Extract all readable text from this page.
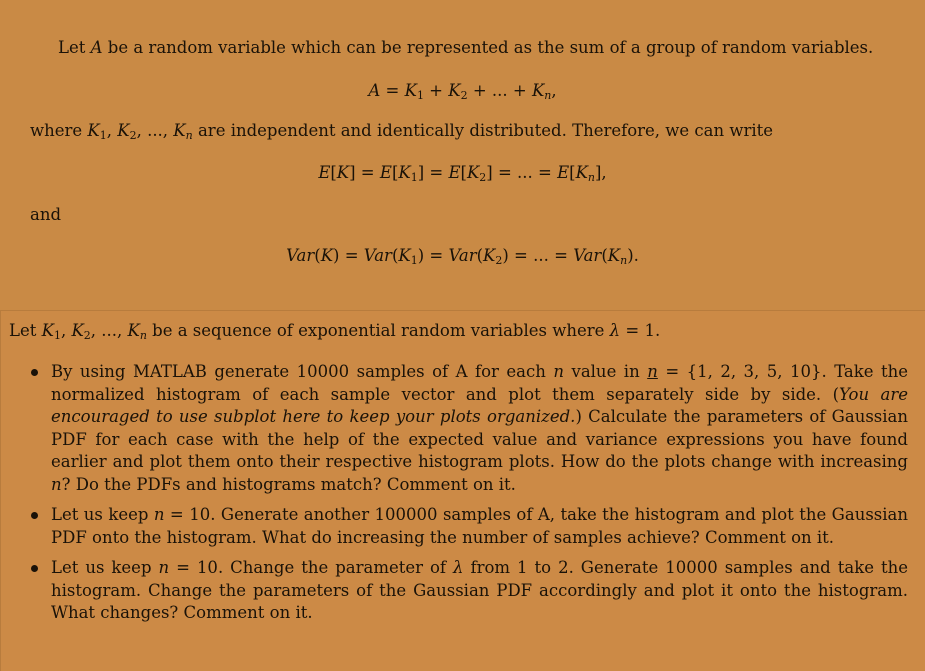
Let A be a random variable which can be represented as the sum of a group of random variables.
$A = K_1 + K_2$ + ... + $K_n$,
where $K_1$, $K_2$, ..., $K_n$ are independent and identically distributed. Therefore, we can write
$E[K] = E[K_1] = E[K_2]$ = ... = $E[K_n]$,
and
$Var(K) = Var(K_1) = Var(K_2)$ = ... = $Var(K_n)$.
Let $K_1$, $K_2$, ..., $K_n$ be a sequence of exponential random variables where λ = 1.
By using MATLAB generate 10000 samples of A for each n value in n = {1, 2, 3, 5, 10}. Take the normalized histogram of each sample vector and plot them separately side by side. (You are encouraged to use subplot here to keep your plots organized.) Calculate the parameters of Gaussian PDF for each case with the help of the expected value and variance expressions you have found earlier and plot them onto their respective histogram plots. How do the plots change with increasing n? Do the PDFs and histograms match? Comment on it.
Let us keep n = 10. Generate another 100000 samples of A, take the histogram and plot the Gaussian PDF onto the histogram. What do increasing the number of samples achieve? Comment on it.
Let us keep n = 10. Change the parameter of λ from 1 to 2. Generate 10000 samples and take the histogram. Change the parameters of the Gaussian PDF accordingly and plot it onto the histogram. What changes? Comment on it.
